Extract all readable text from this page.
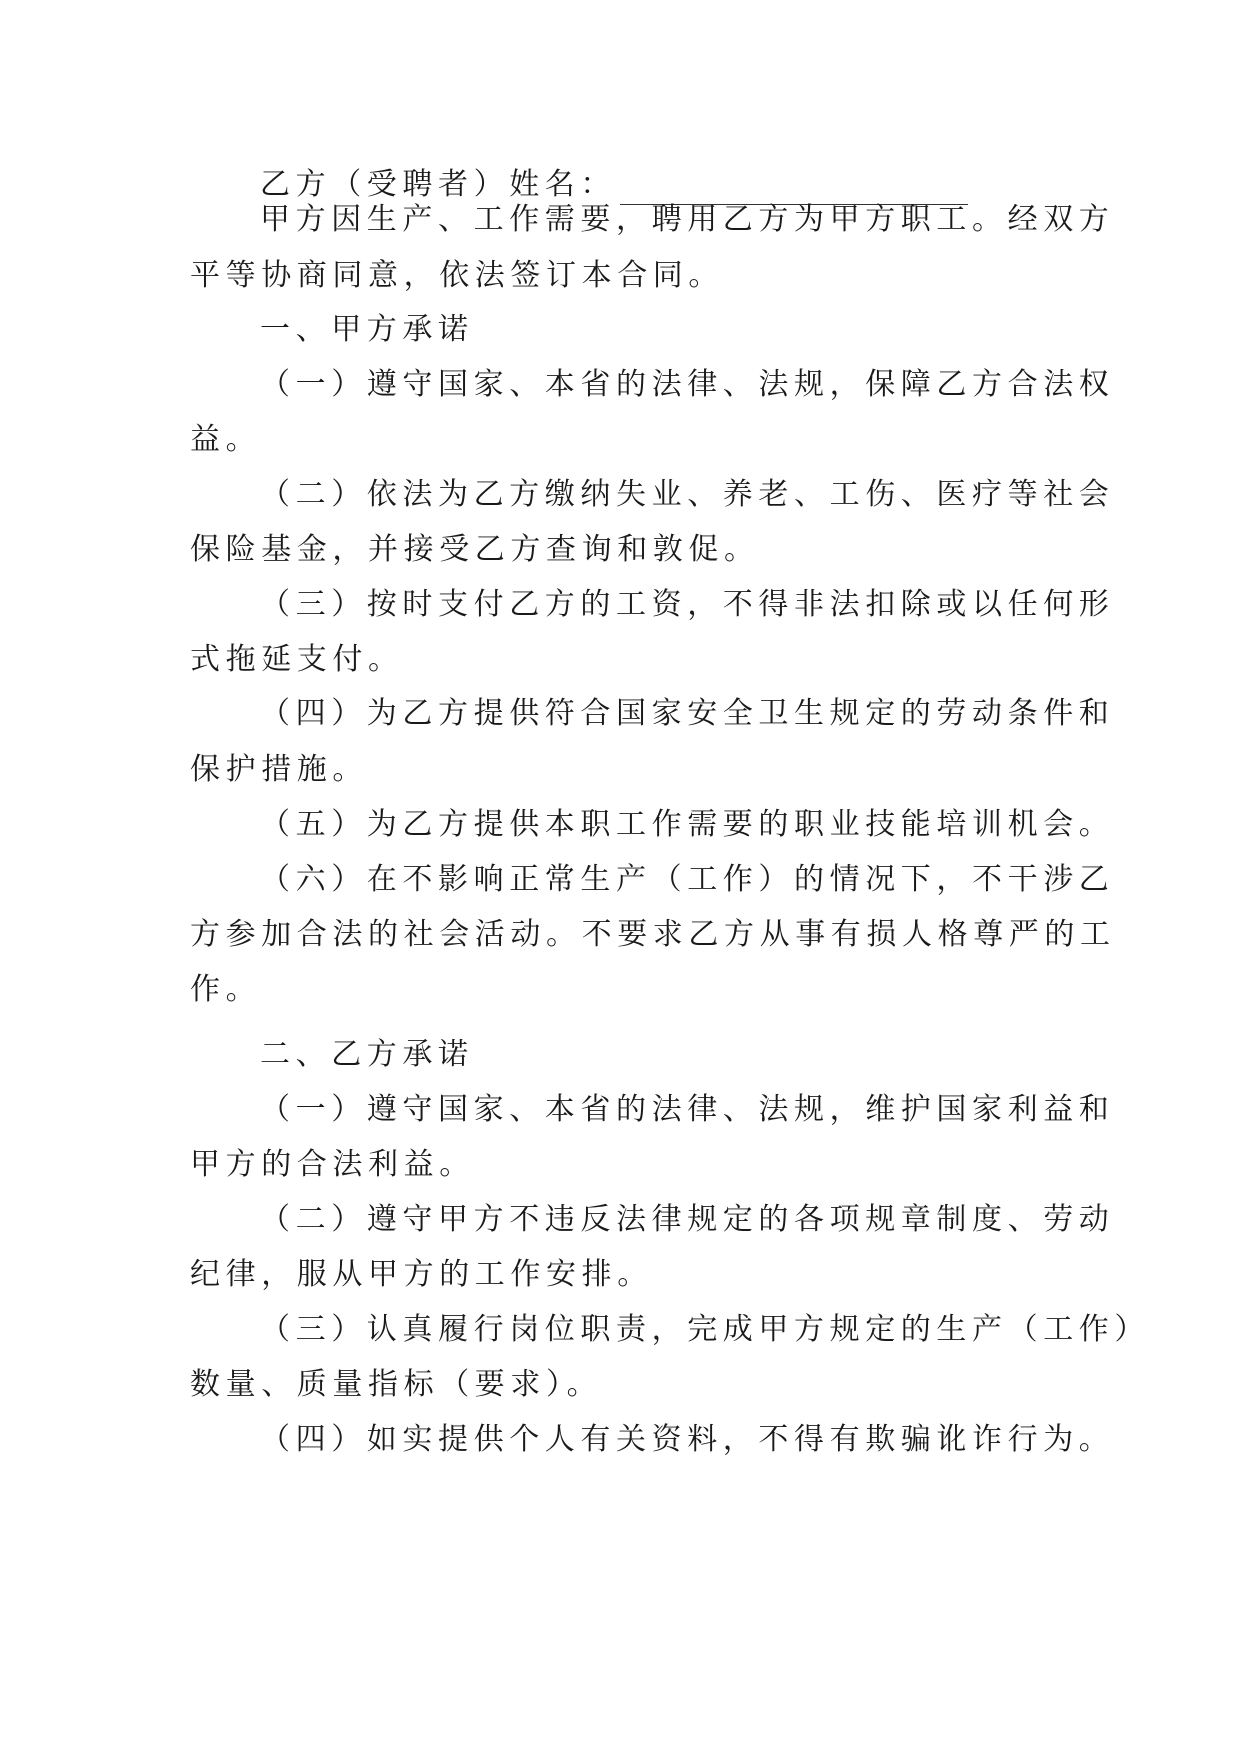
乙方（受聘者）姓名：
甲方因生产、工作需要，聘用乙方为甲方职工。经双方
平等协商同意，依法签订本合同。
一、甲方承诺
（一）遵守国家、本省的法律、法规，保障乙方合法权
益。
（二）依法为乙方缴纳失业、养老、工伤、医疗等社会
保险基金，并接受乙方查询和敦促。
（三）按时支付乙方的工资，不得非法扣除或以任何形
式拖延支付。
（四）为乙方提供符合国家安全卫生规定的劳动条件和
保护措施。
（五）为乙方提供本职工作需要的职业技能培训机会。
（六）在不影响正常生产（工作）的情况下，不干涉乙
方参加合法的社会活动。不要求乙方从事有损人格尊严的工
作。
二、乙方承诺
（一）遵守国家、本省的法律、法规，维护国家利益和
甲方的合法利益。
（二）遵守甲方不违反法律规定的各项规章制度、劳动
纪律，服从甲方的工作安排。
（三）认真履行岗位职责，完成甲方规定的生产（工作）
数量、质量指标（要求）。
（四）如实提供个人有关资料，不得有欺骗讹诈行为。
